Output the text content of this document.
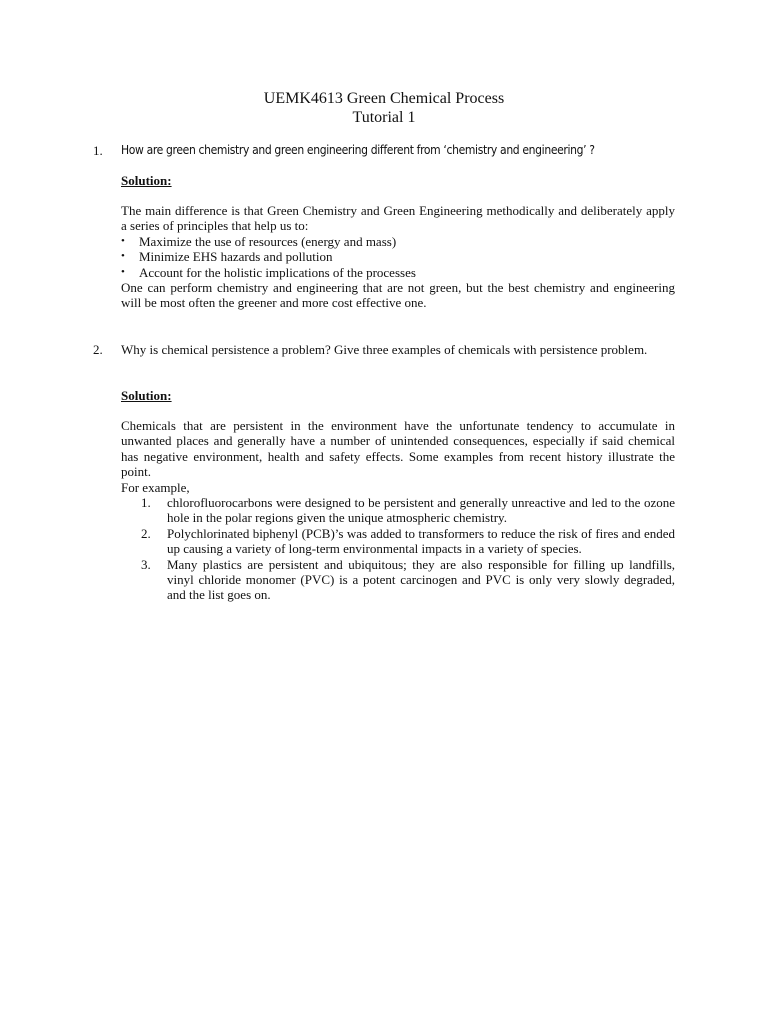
UEMK4613 Green Chemical Process
Tutorial 1
1. How are green chemistry and green engineering different from ‘chemistry and engineering’ ?
Solution:

The main difference is that Green Chemistry and Green Engineering methodically and deliberately apply a series of principles that help us to:

• Maximize the use of resources (energy and mass)
• Minimize EHS hazards and pollution
• Account for the holistic implications of the processes

One can perform chemistry and engineering that are not green, but the best chemistry and engineering will be most often the greener and more cost effective one.

2. Why is chemical persistence a problem? Give three examples of chemicals with persistence problem.
Solution:

Chemicals that are persistent in the environment have the unfortunate tendency to accumulate in unwanted places and generally have a number of unintended consequences, especially if said chemical has negative environment, health and safety effects. Some examples from recent history illustrate the point.

For example,

1. chlorofluorocarbons were designed to be persistent and generally unreactive and led to the ozone hole in the polar regions given the unique atmospheric chemistry.
2. Polychlorinated biphenyl (PCB)’s was added to transformers to reduce the risk of fires and ended up causing a variety of long-term environmental impacts in a variety of species.
3. Many plastics are persistent and ubiquitous; they are also responsible for filling up landfills, vinyl chloride monomer (PVC) is a potent carcinogen and PVC is only very slowly degraded, and the list goes on.
